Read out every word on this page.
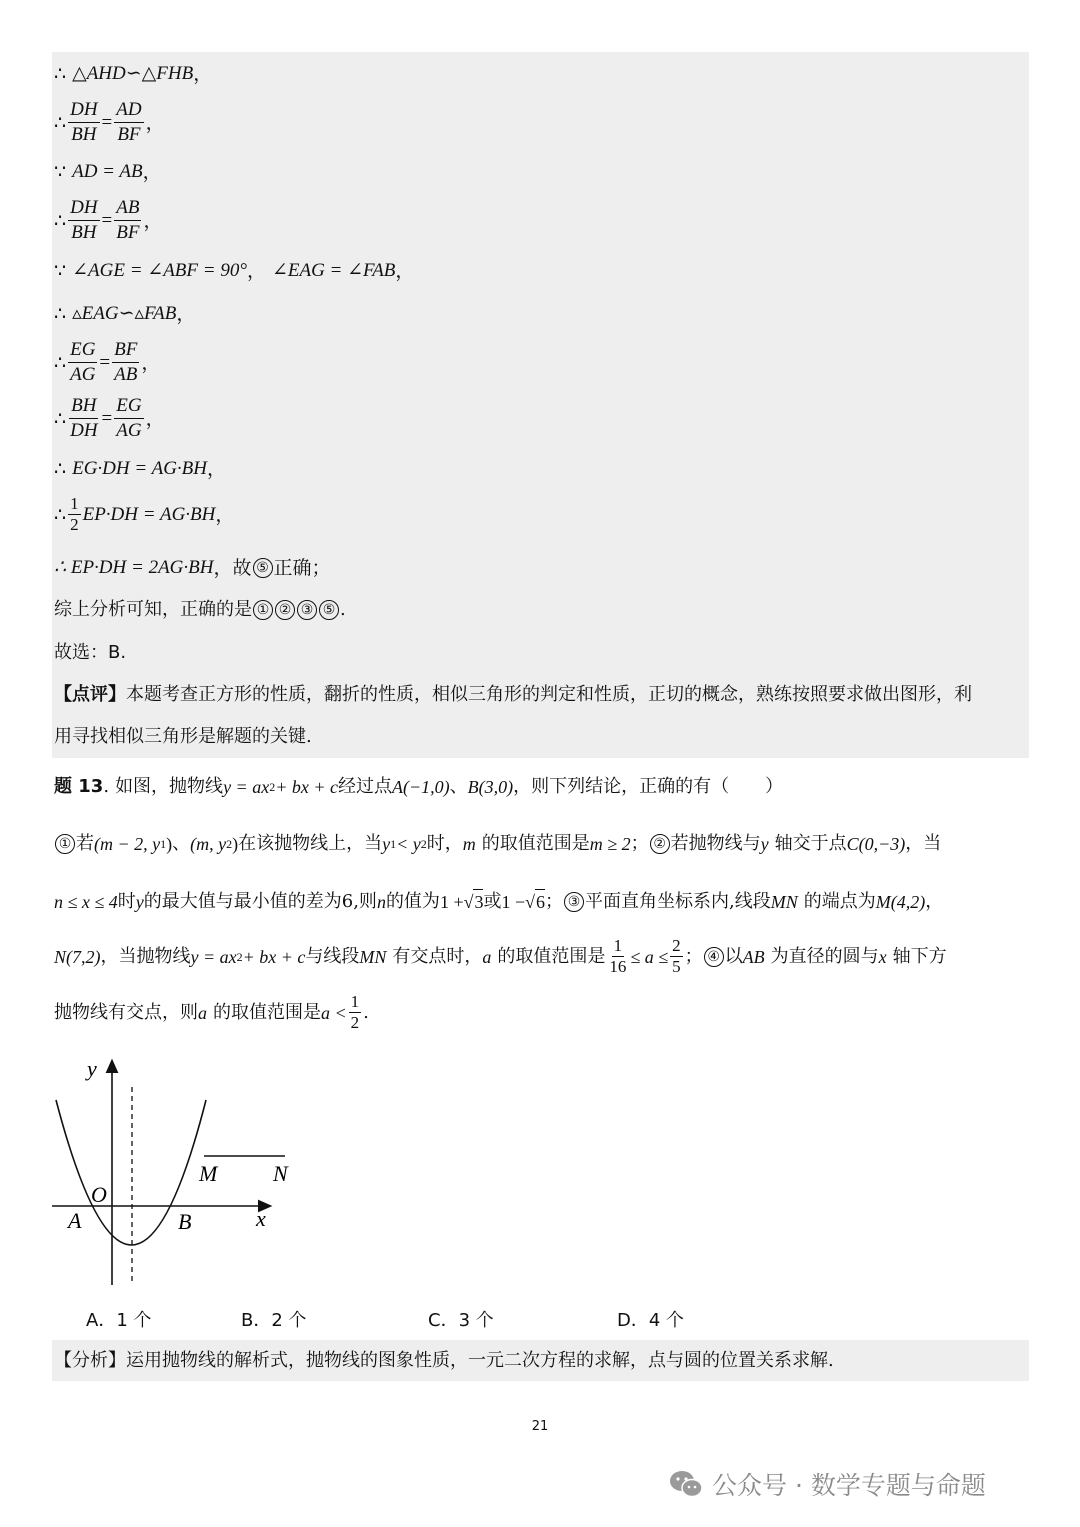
∴ △AHD∽△FHB ，
∴ $\frac{DH}{BH} = \frac{AD}{BF}$ ，
∵ AD = AB ，
∴ $\frac{DH}{BH} = \frac{AB}{BF}$ ，
∵ ∠AGE = ∠ABF = 90° ， ∠EAG = ∠FAB ，
∴ ▵EAG∽▵FAB ，
∴ $\frac{EG}{AG} = \frac{BF}{AB}$ ，
∴ $\frac{BH}{DH} = \frac{EG}{AG}$ ，
∴ EG·DH = AG·BH ，
∴ $\frac{1}{2} EP\cdot DH = AG\cdot BH$ ，
∴ EP·DH = 2AG·BH ， 故 ⑤ 正确；
综上分析可知，正确的是 ① ② ③ ⑤ .
故选：B.
【点评】 本题考查正方形的性质，翻折的性质，相似三角形的判定和性质，正切的概念，熟练按照要求做出图形，利
用寻找相似三角形是解题的关键.
题 13 . 如图，抛物线 y = ax 2 + bx + c 经过点 A(−1,0) 、 B(3,0) ，则下列结论，正确的有（　　）
① 若 (m − 2, y 1 ) 、 (m, y 2 ) 在该抛物线上，当 y 1 < y 2 时， m 的取值范围是 m ≥ 2 ； ② 若抛物线与 y 轴交于点 C(0,−3) ，当
n ≤ x ≤ 4 时 y 的最大值与最小值的差为6,则 n 的值为 1 + √ 3 或 1 − √ 6 ； ③ 平面直角坐标系内,线段 MN 的端点为 M(4,2) ，
N(7,2) ，当抛物线 y = ax 2 + bx + c 与线段 MN 有交点时， a 的取值范围是 $\frac{1}{16} \le a \le \frac{2}{5}$ ； ④ 以 AB 为直径的圆与 x 轴下方
抛物线有交点，则 a 的取值范围是 $a < \frac{1}{2}$ .
y
x
O
A	B
M	N
A．1 个	B．2 个	C．3 个	D．4 个
【分析】 运用抛物线的解析式，抛物线的图象性质，一元二次方程的求解，点与圆的位置关系求解.
21
公众号 · 数学专题与命题
